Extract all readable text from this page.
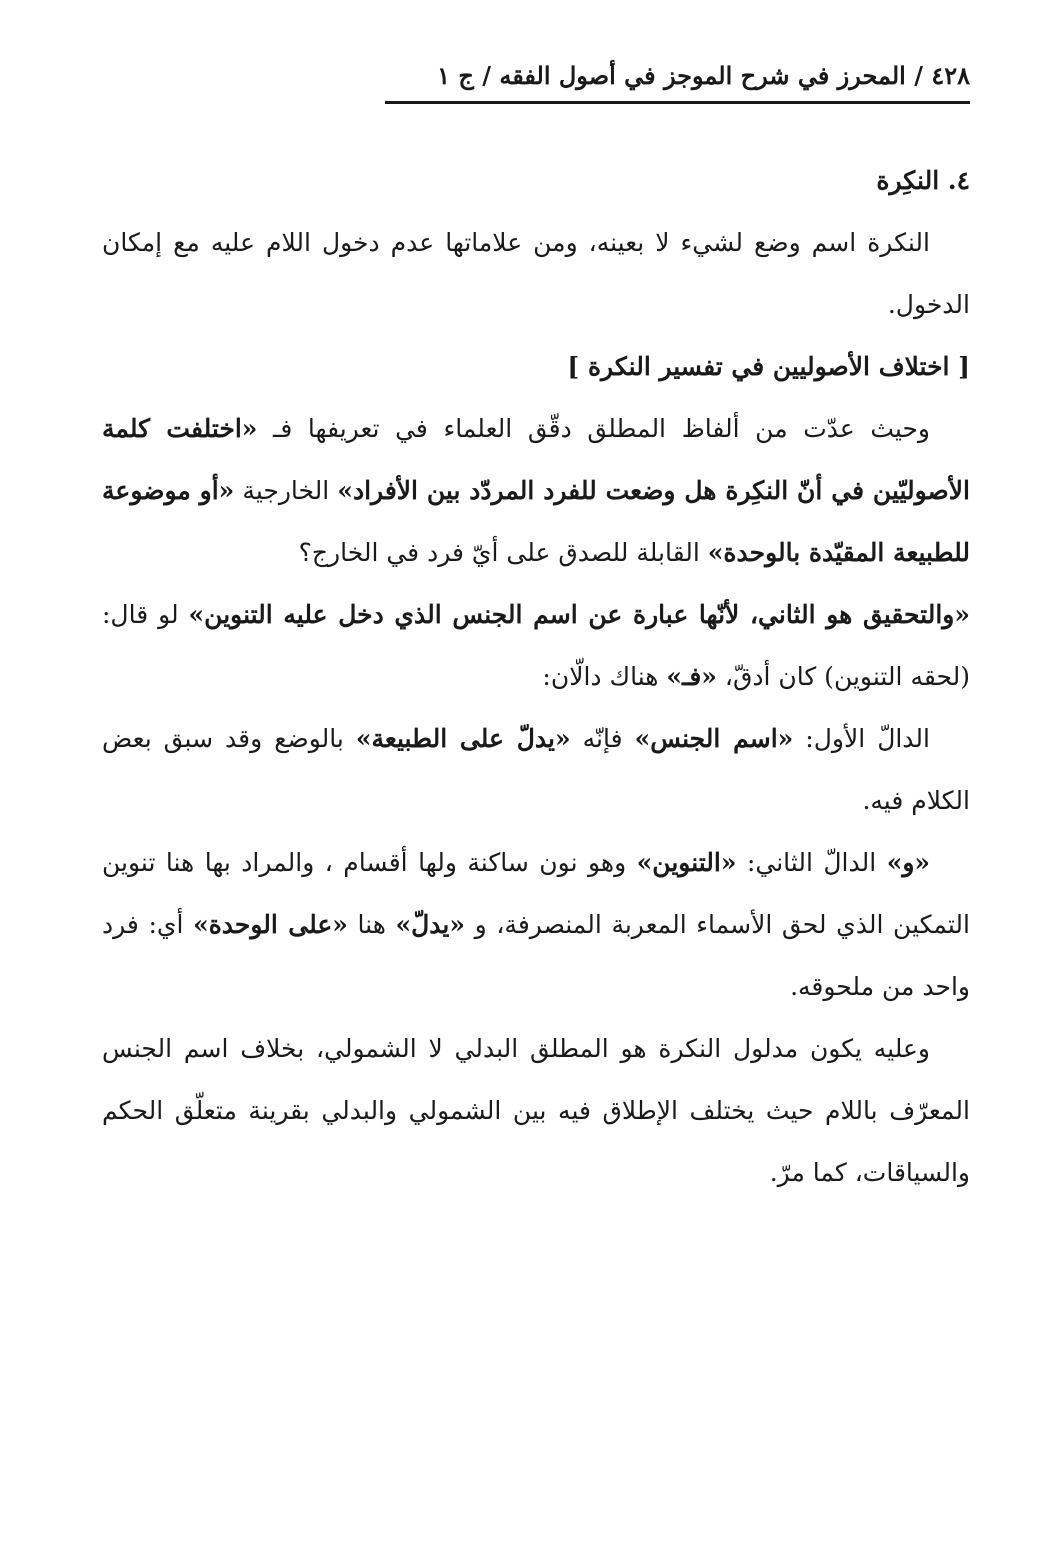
٤٢٨ / المحرز في شرح الموجز في أصول الفقه / ج ١

٤. النكِرة

النكرة اسم وضع لشيء لا بعينه، ومن علاماتها عدم دخول اللام عليه مع إمكان الدخول.

[ اختلاف الأصوليين في تفسير النكرة ]

وحيث عدّت من ألفاظ المطلق دقّق العلماء في تعريفها فـ «اختلفت كلمة الأصوليّين في أنّ النكِرة هل وضعت للفرد المردّد بين الأفراد» الخارجية «أو موضوعة للطبيعة المقيّدة بالوحدة» القابلة للصدق على أيّ فرد في الخارج؟

«والتحقيق هو الثاني، لأنّها عبارة عن اسم الجنس الذي دخل عليه التنوين» لو قال: (لحقه التنوين) كان أدقّ، «فـ» هناك دالّان:

الدالّ الأول: «اسم الجنس» فإنّه «يدلّ على الطبيعة» بالوضع وقد سبق بعض الكلام فيه.

«و» الدالّ الثاني: «التنوين» وهو نون ساكنة ولها أقسام ، والمراد بها هنا تنوين التمكين الذي لحق الأسماء المعربة المنصرفة، و «يدلّ» هنا «على الوحدة» أي: فرد واحد من ملحوقه.

وعليه يكون مدلول النكرة هو المطلق البدلي لا الشمولي، بخلاف اسم الجنس المعرّف باللام حيث يختلف الإطلاق فيه بين الشمولي والبدلي بقرينة متعلّق الحكم والسياقات، كما مرّ.
